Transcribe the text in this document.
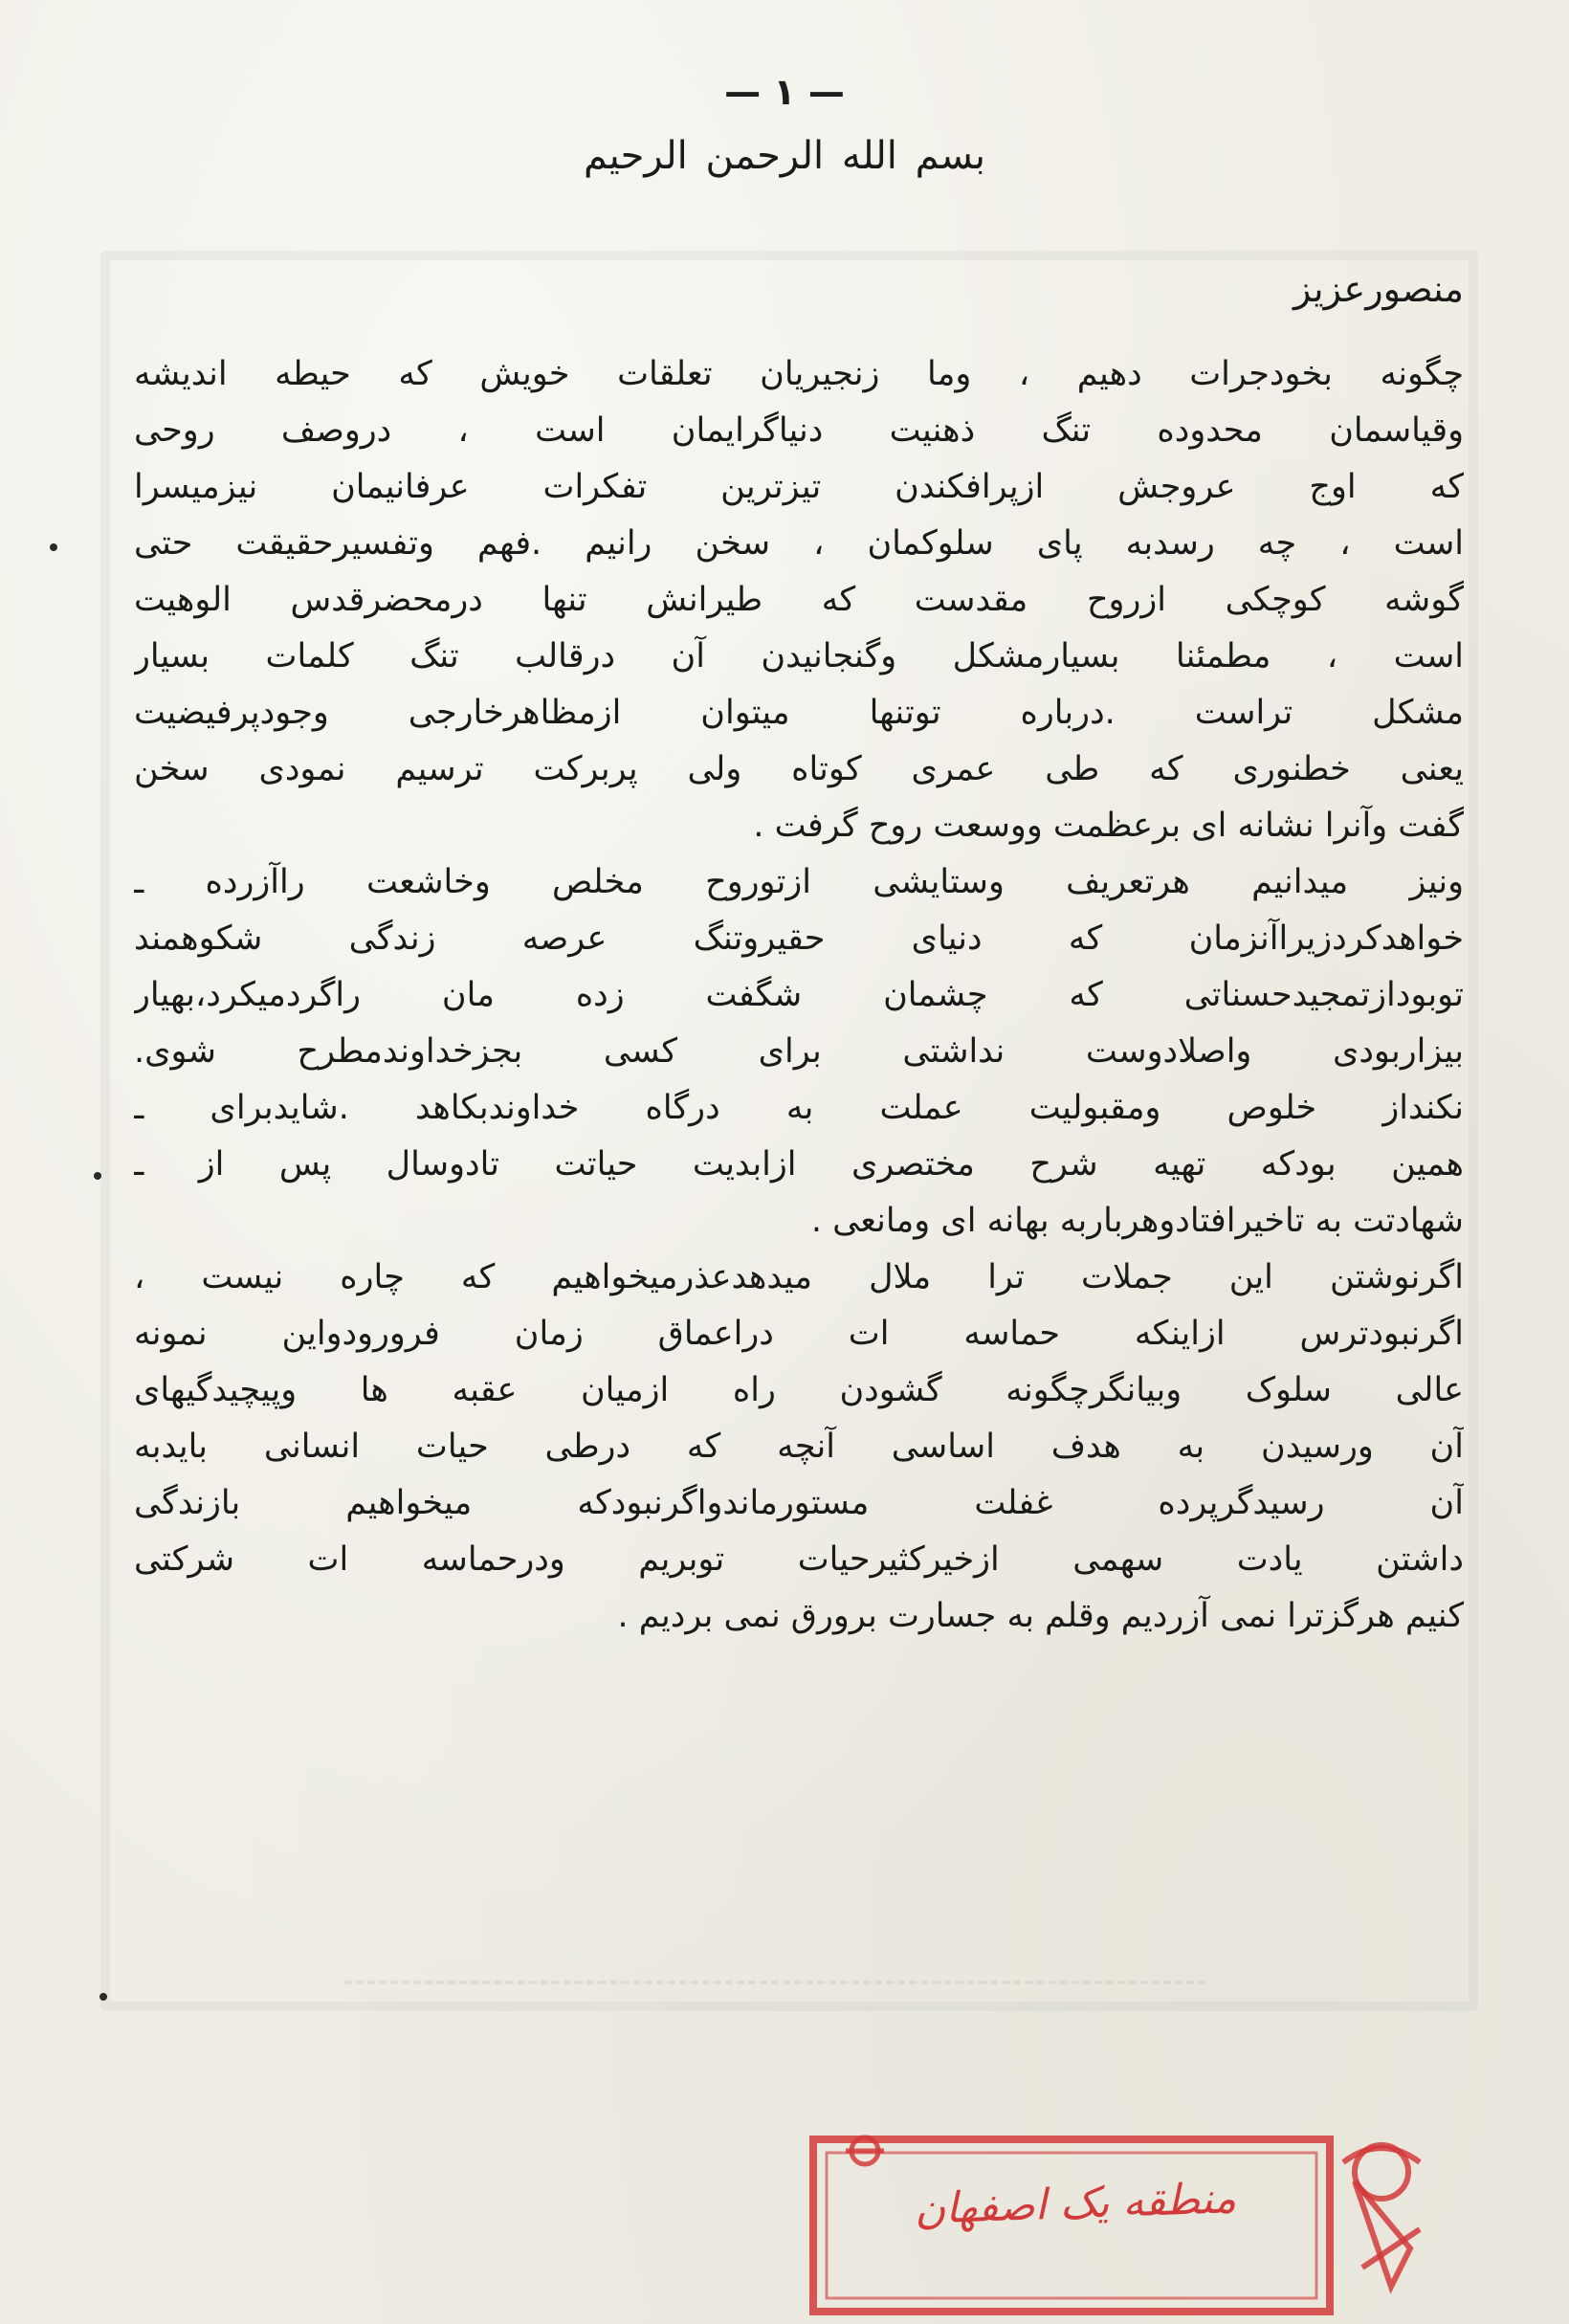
— ١ —
بسم الله الرحمن الرحیم
منصورعزیز
چگونه بخودجرات دهیم ، وما زنجیریان تعلقات خویش که حیطه اندیشه
وقیاسمان محدوده تنگ ذهنیت دنیاگرایمان است ، دروصف روحی
که اوج عروجش ازپرافکندن تیزترین تفکرات عرفانیمان نیزمیسرا
است ، چه رسدبه پای سلوکمان ، سخن رانیم .فهم وتفسیرحقیقت حتی
گوشه کوچکی ازروح مقدست که طیرانش تنها درمحضرقدس الوهیت
است ، مطمئنا بسیارمشکل وگنجانیدن آن درقالب تنگ کلمات بسیار
مشکل تراست .درباره توتنها میتوان ازمظاهرخارجی وجودپرفیضیت
یعنی خطنوری که طی عمری کوتاه ولی پربرکت ترسیم نمودی سخن
گفت وآنرا نشانه ای برعظمت ووسعت روح گرفت .
ونیز میدانیم هرتعریف وستایشی ازتوروح مخلص وخاشعت راآزرده ـ
خواهدکردزیراآنزمان که دنیای حقیروتنگ عرصه زندگی شکوهمند
توبودازتمجیدحسناتی که چشمان شگفت زده مان راگردمیکرد،بهیار
بیزاربودی واصلادوست نداشتی برای کسی بجزخداوندمطرح شوی.
نکنداز خلوص ومقبولیت عملت به درگاه خداوندبکاهد .شایدبرای ـ
همین بودکه تهیه شرح مختصری ازابدیت حیاتت تادوسال پس از ـ
شهادتت به تاخیرافتادوهرباربه بهانه ای ومانعی .
اگرنوشتن این جملات ترا ملال میدهدعذرمیخواهیم که چاره نیست ،
اگرنبودترس ازاینکه حماسه ات دراعماق زمان فرورودواین نمونه
عالی سلوک وبیانگرچگونه گشودن راه ازمیان عقبه ها وپیچیدگیهای
آن ورسیدن به هدف اساسی آنچه که درطی حیات انسانی بایدبه
آن رسیدگرپرده غفلت مستورماندواگرنبودکه میخواهیم بازندگی
داشتن یادت سهمی ازخیرکثیرحیات توبریم ودرحماسه ات شرکتی
کنیم هرگزترا نمی آزردیم وقلم به جسارت برورق نمی بردیم .
منطقه یک اصفهان
